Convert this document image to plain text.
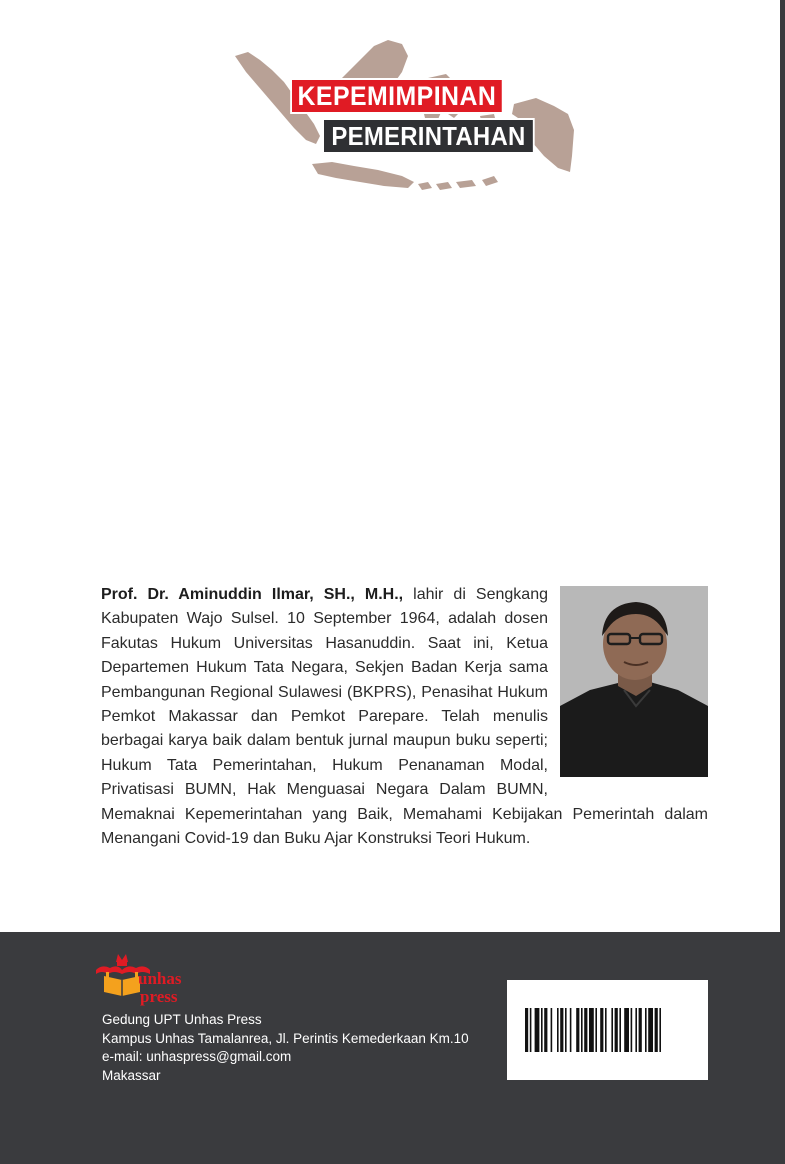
KEPEMIMPINAN
PEMERINTAHAN
Prof. Dr. Aminuddin Ilmar, SH., M.H., lahir di Sengkang Kabupaten Wajo Sulsel. 10 September 1964, adalah dosen Fakutas Hukum Universitas Hasanuddin. Saat ini, Ketua Departemen Hukum Tata Negara, Sekjen Badan Kerja sama Pembangunan Regional Sulawesi (BKPRS), Penasihat Hukum Pemkot Makassar dan Pemkot Parepare. Telah menulis berbagai karya baik dalam bentuk jurnal maupun buku seperti; Hukum Tata Pemerintahan, Hukum Penanaman Modal, Privatisasi BUMN, Hak Menguasai Negara Dalam BUMN, Memaknai Kepemerintahan yang Baik, Memahami Kebijakan Pemerintah dalam Menangani Covid-19 dan Buku Ajar Konstruksi Teori Hukum.
unhas
press
Gedung UPT Unhas Press
Kampus Unhas Tamalanrea, Jl. Perintis Kemederkaan Km.10
e-mail: unhaspress@gmail.com
Makassar
